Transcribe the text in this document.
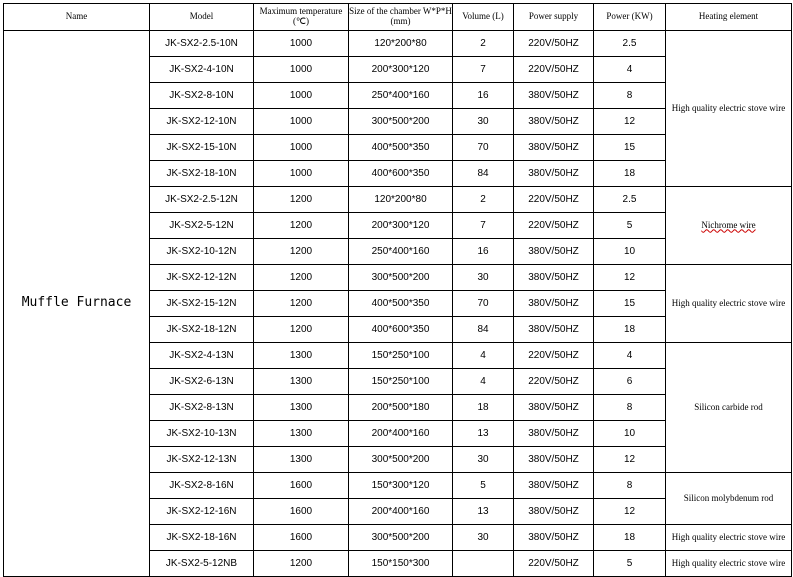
Name	Model	Maximum temperature (℃)	Size of the chamber W*P*H (mm)	Volume (L)	Power supply	Power (KW)	Heating element
Muffle Furnace	JK-SX2-2.5-10N	1000	120*200*80	2	220V/50HZ	2.5	High quality electric stove wire
	JK-SX2-4-10N	1000	200*300*120	7	220V/50HZ	4	
	JK-SX2-8-10N	1000	250*400*160	16	380V/50HZ	8	
	JK-SX2-12-10N	1000	300*500*200	30	380V/50HZ	12	
	JK-SX2-15-10N	1000	400*500*350	70	380V/50HZ	15	
	JK-SX2-18-10N	1000	400*600*350	84	380V/50HZ	18	
	JK-SX2-2.5-12N	1200	120*200*80	2	220V/50HZ	2.5	Nichrome wire
	JK-SX2-5-12N	1200	200*300*120	7	220V/50HZ	5	
	JK-SX2-10-12N	1200	250*400*160	16	380V/50HZ	10	
	JK-SX2-12-12N	1200	300*500*200	30	380V/50HZ	12	High quality electric stove wire
	JK-SX2-15-12N	1200	400*500*350	70	380V/50HZ	15	
	JK-SX2-18-12N	1200	400*600*350	84	380V/50HZ	18	
	JK-SX2-4-13N	1300	150*250*100	4	220V/50HZ	4	Silicon carbide rod
	JK-SX2-6-13N	1300	150*250*100	4	220V/50HZ	6	
	JK-SX2-8-13N	1300	200*500*180	18	380V/50HZ	8	
	JK-SX2-10-13N	1300	200*400*160	13	380V/50HZ	10	
	JK-SX2-12-13N	1300	300*500*200	30	380V/50HZ	12	
	JK-SX2-8-16N	1600	150*300*120	5	380V/50HZ	8	Silicon molybdenum rod
	JK-SX2-12-16N	1600	200*400*160	13	380V/50HZ	12	
	JK-SX2-18-16N	1600	300*500*200	30	380V/50HZ	18	High quality electric stove wire
	JK-SX2-5-12NB	1200	150*150*300		220V/50HZ	5	High quality electric stove wire
